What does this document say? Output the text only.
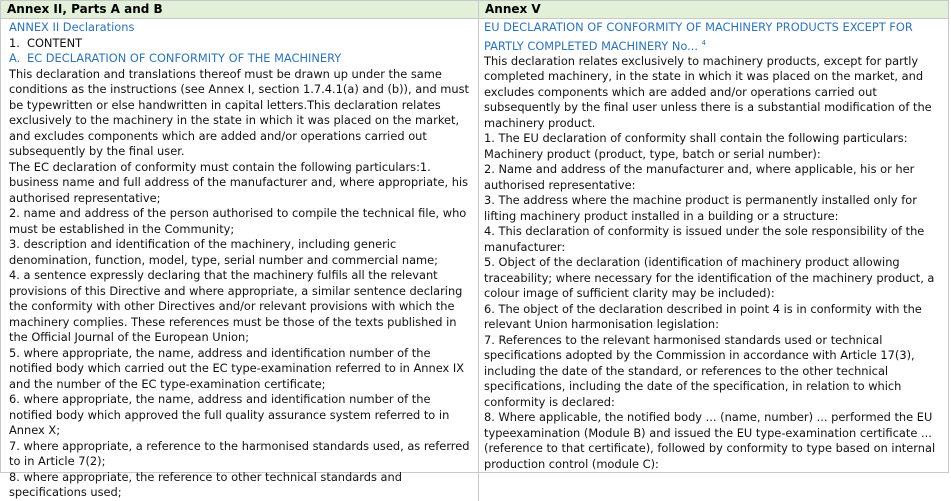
Annex II, Parts A and B	Annex V

ANNEX II Declarations

1. CONTENT

A. EC DECLARATION OF CONFORMITY OF THE MACHINERY

This declaration and translations thereof must be drawn up under the same conditions as the instructions (see Annex I, section 1.7.4.1(a) and (b)), and must be typewritten or else handwritten in capital letters.This declaration relates exclusively to the machinery in the state in which it was placed on the market, and excludes components which are added and/or operations carried out subsequently by the final user.

The EC declaration of conformity must contain the following particulars:1. business name and full address of the manufacturer and, where appropriate, his authorised representative;

2. name and address of the person authorised to compile the technical file, who must be established in the Community;

3. description and identification of the machinery, including generic denomination, function, model, type, serial number and commercial name;

4. a sentence expressly declaring that the machinery fulfils all the relevant provisions of this Directive and where appropriate, a similar sentence declaring the conformity with other Directives and/or relevant provisions with which the machinery complies. These references must be those of the texts published in the Official Journal of the European Union;

5. where appropriate, the name, address and identification number of the notified body which carried out the EC type-examination referred to in Annex IX and the number of the EC type-examination certificate;

6. where appropriate, the name, address and identification number of the notified body which approved the full quality assurance system referred to in Annex X;

7. where appropriate, a reference to the harmonised standards used, as referred to in Article 7(2);

8. where appropriate, the reference to other technical standards and specifications used;

EU DECLARATION OF CONFORMITY OF MACHINERY PRODUCTS EXCEPT FOR PARTLY COMPLETED MACHINERY No... $^4$

This declaration relates exclusively to machinery products, except for partly completed machinery, in the state in which it was placed on the market, and excludes components which are added and/or operations carried out subsequently by the final user unless there is a substantial modification of the machinery product.

1. The EU declaration of conformity shall contain the following particulars: Machinery product (product, type, batch or serial number):

2. Name and address of the manufacturer and, where applicable, his or her authorised representative:

3. The address where the machine product is permanently installed only for lifting machinery product installed in a building or a structure:

4. This declaration of conformity is issued under the sole responsibility of the manufacturer:

5. Object of the declaration (identification of machinery product allowing traceability; where necessary for the identification of the machinery product, a colour image of sufficient clarity may be included):

6. The object of the declaration described in point 4 is in conformity with the relevant Union harmonisation legislation:

7. References to the relevant harmonised standards used or technical specifications adopted by the Commission in accordance with Article 17(3), including the date of the standard, or references to the other technical specifications, including the date of the specification, in relation to which conformity is declared:

8. Where applicable, the notified body ... (name, number) ... performed the EU typeexamination (Module B) and issued the EU type-examination certificate ... (reference to that certificate), followed by conformity to type based on internal production control (module C):
